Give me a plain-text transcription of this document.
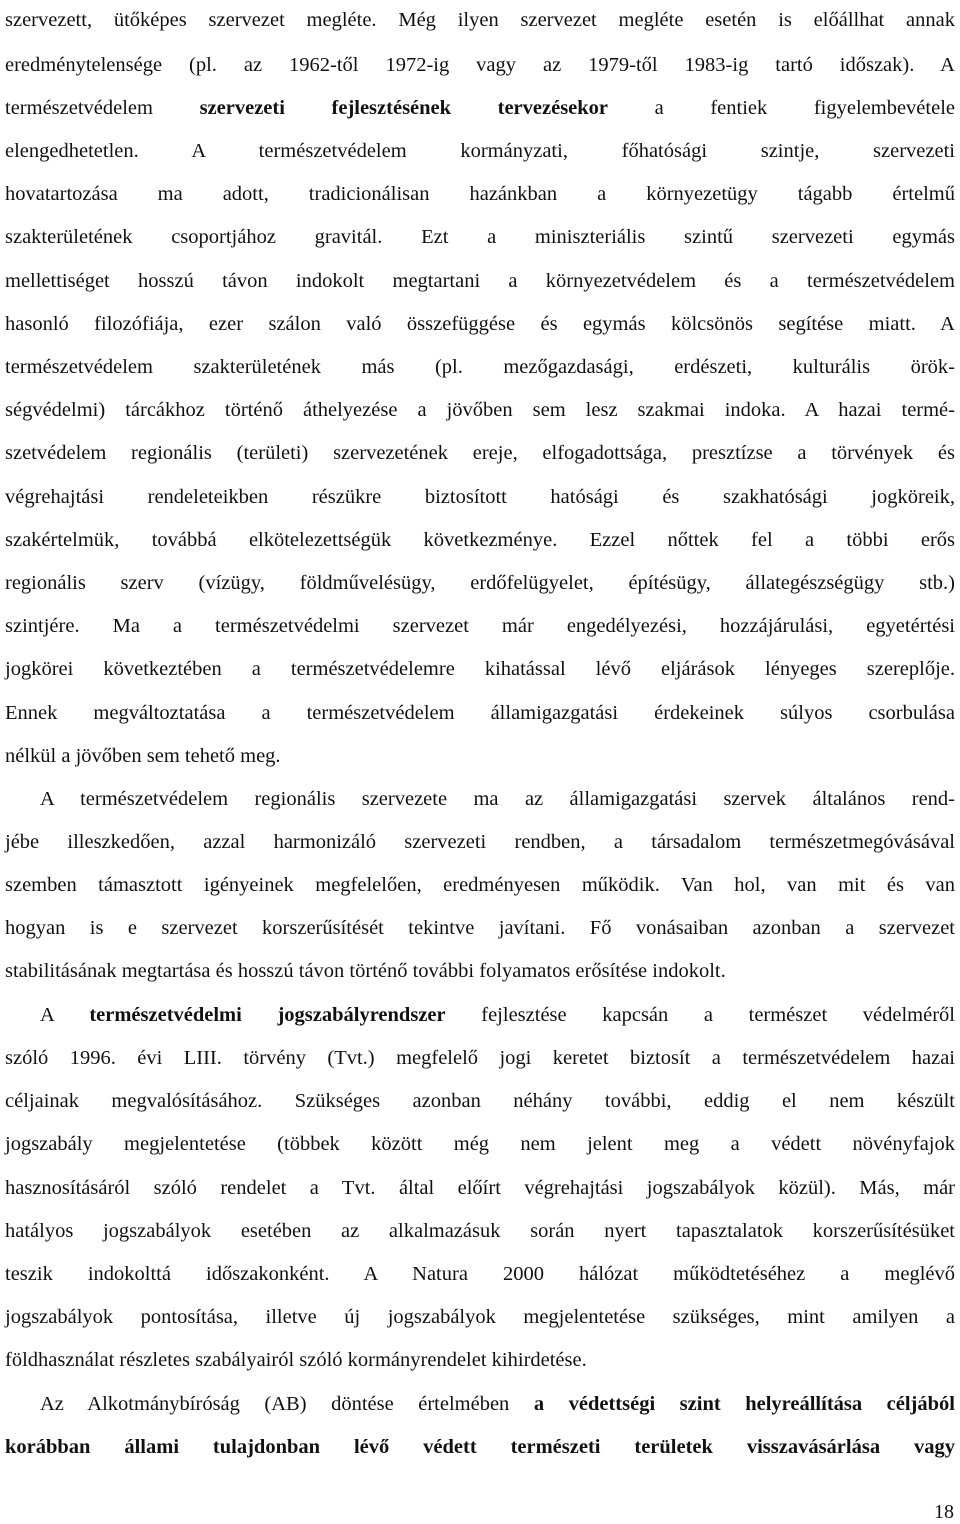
szervezett, ütőképes szervezet megléte. Még ilyen szervezet megléte esetén is előállhat annak
eredménytelensége (pl. az 1962-től 1972-ig vagy az 1979-től 1983-ig tartó időszak). A
természetvédelem szervezeti fejlesztésének tervezésekor a fentiek figyelembevétele
elengedhetetlen. A természetvédelem kormányzati, főhatósági szintje, szervezeti
hovatartozása ma adott, tradicionálisan hazánkban a környezetügy tágabb értelmű
szakterületének csoportjához gravitál. Ezt a miniszteriális szintű szervezeti egymás
mellettiséget hosszú távon indokolt megtartani a környezetvédelem és a természetvédelem
hasonló filozófiája, ezer szálon való összefüggése és egymás kölcsönös segítése miatt. A
természetvédelem szakterületének más (pl. mezőgazdasági, erdészeti, kulturális örök-
ségvédelmi) tárcákhoz történő áthelyezése a jövőben sem lesz szakmai indoka. A hazai termé-
szetvédelem regionális (területi) szervezetének ereje, elfogadottsága, presztízse a törvények és
végrehajtási rendeleteikben részükre biztosított hatósági és szakhatósági jogköreik,
szakértelmük, továbbá elkötelezettségük következménye. Ezzel nőttek fel a többi erős
regionális szerv (vízügy, földművelésügy, erdőfelügyelet, építésügy, állategészségügy stb.)
szintjére. Ma a természetvédelmi szervezet már engedélyezési, hozzájárulási, egyetértési
jogkörei következtében a természetvédelemre kihatással lévő eljárások lényeges szereplője.
Ennek megváltoztatása a természetvédelem államigazgatási érdekeinek súlyos csorbulása
nélkül a jövőben sem tehető meg.
A természetvédelem regionális szervezete ma az államigazgatási szervek általános rend-
jébe illeszkedően, azzal harmonizáló szervezeti rendben, a társadalom természetmegóvásával
szemben támasztott igényeinek megfelelően, eredményesen működik. Van hol, van mit és van
hogyan is e szervezet korszerűsítését tekintve javítani. Fő vonásaiban azonban a szervezet
stabilitásának megtartása és hosszú távon történő további folyamatos erősítése indokolt.
A természetvédelmi jogszabályrendszer fejlesztése kapcsán a természet védelméről
szóló 1996. évi LIII. törvény (Tvt.) megfelelő jogi keretet biztosít a természetvédelem hazai
céljainak megvalósításához. Szükséges azonban néhány további, eddig el nem készült
jogszabály megjelentetése (többek között még nem jelent meg a védett növényfajok
hasznosításáról szóló rendelet a Tvt. által előírt végrehajtási jogszabályok közül). Más, már
hatályos jogszabályok esetében az alkalmazásuk során nyert tapasztalatok korszerűsítésüket
teszik indokolttá időszakonként. A Natura 2000 hálózat működtetéséhez a meglévő
jogszabályok pontosítása, illetve új jogszabályok megjelentetése szükséges, mint amilyen a
földhasználat részletes szabályairól szóló kormányrendelet kihirdetése.
Az Alkotmánybíróság (AB) döntése értelmében a védettségi szint helyreállítása céljából
korábban állami tulajdonban lévő védett természeti területek visszavásárlása vagy
18
